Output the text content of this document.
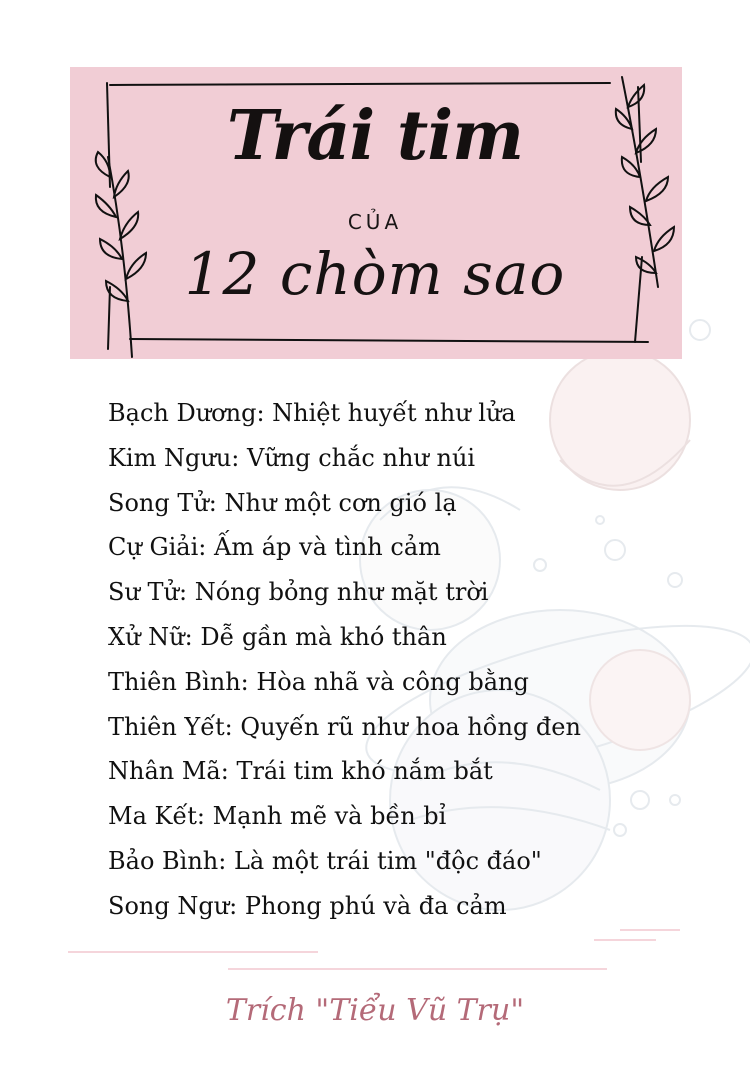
Trái tim
CỦA
12 chòm sao
Bạch Dương: Nhiệt huyết như lửa
Kim Ngưu: Vững chắc như núi
Song Tử: Như một cơn gió lạ
Cự Giải: Ấm áp và tình cảm
Sư Tử: Nóng bỏng như mặt trời
Xử Nữ: Dễ gần mà khó thân
Thiên Bình: Hòa nhã và công bằng
Thiên Yết: Quyến rũ như hoa hồng đen
Nhân Mã: Trái tim khó nắm bắt
Ma Kết: Mạnh mẽ và bền bỉ
Bảo Bình: Là một trái tim "độc đáo"
Song Ngư: Phong phú và đa cảm
Trích "Tiểu Vũ Trụ"
